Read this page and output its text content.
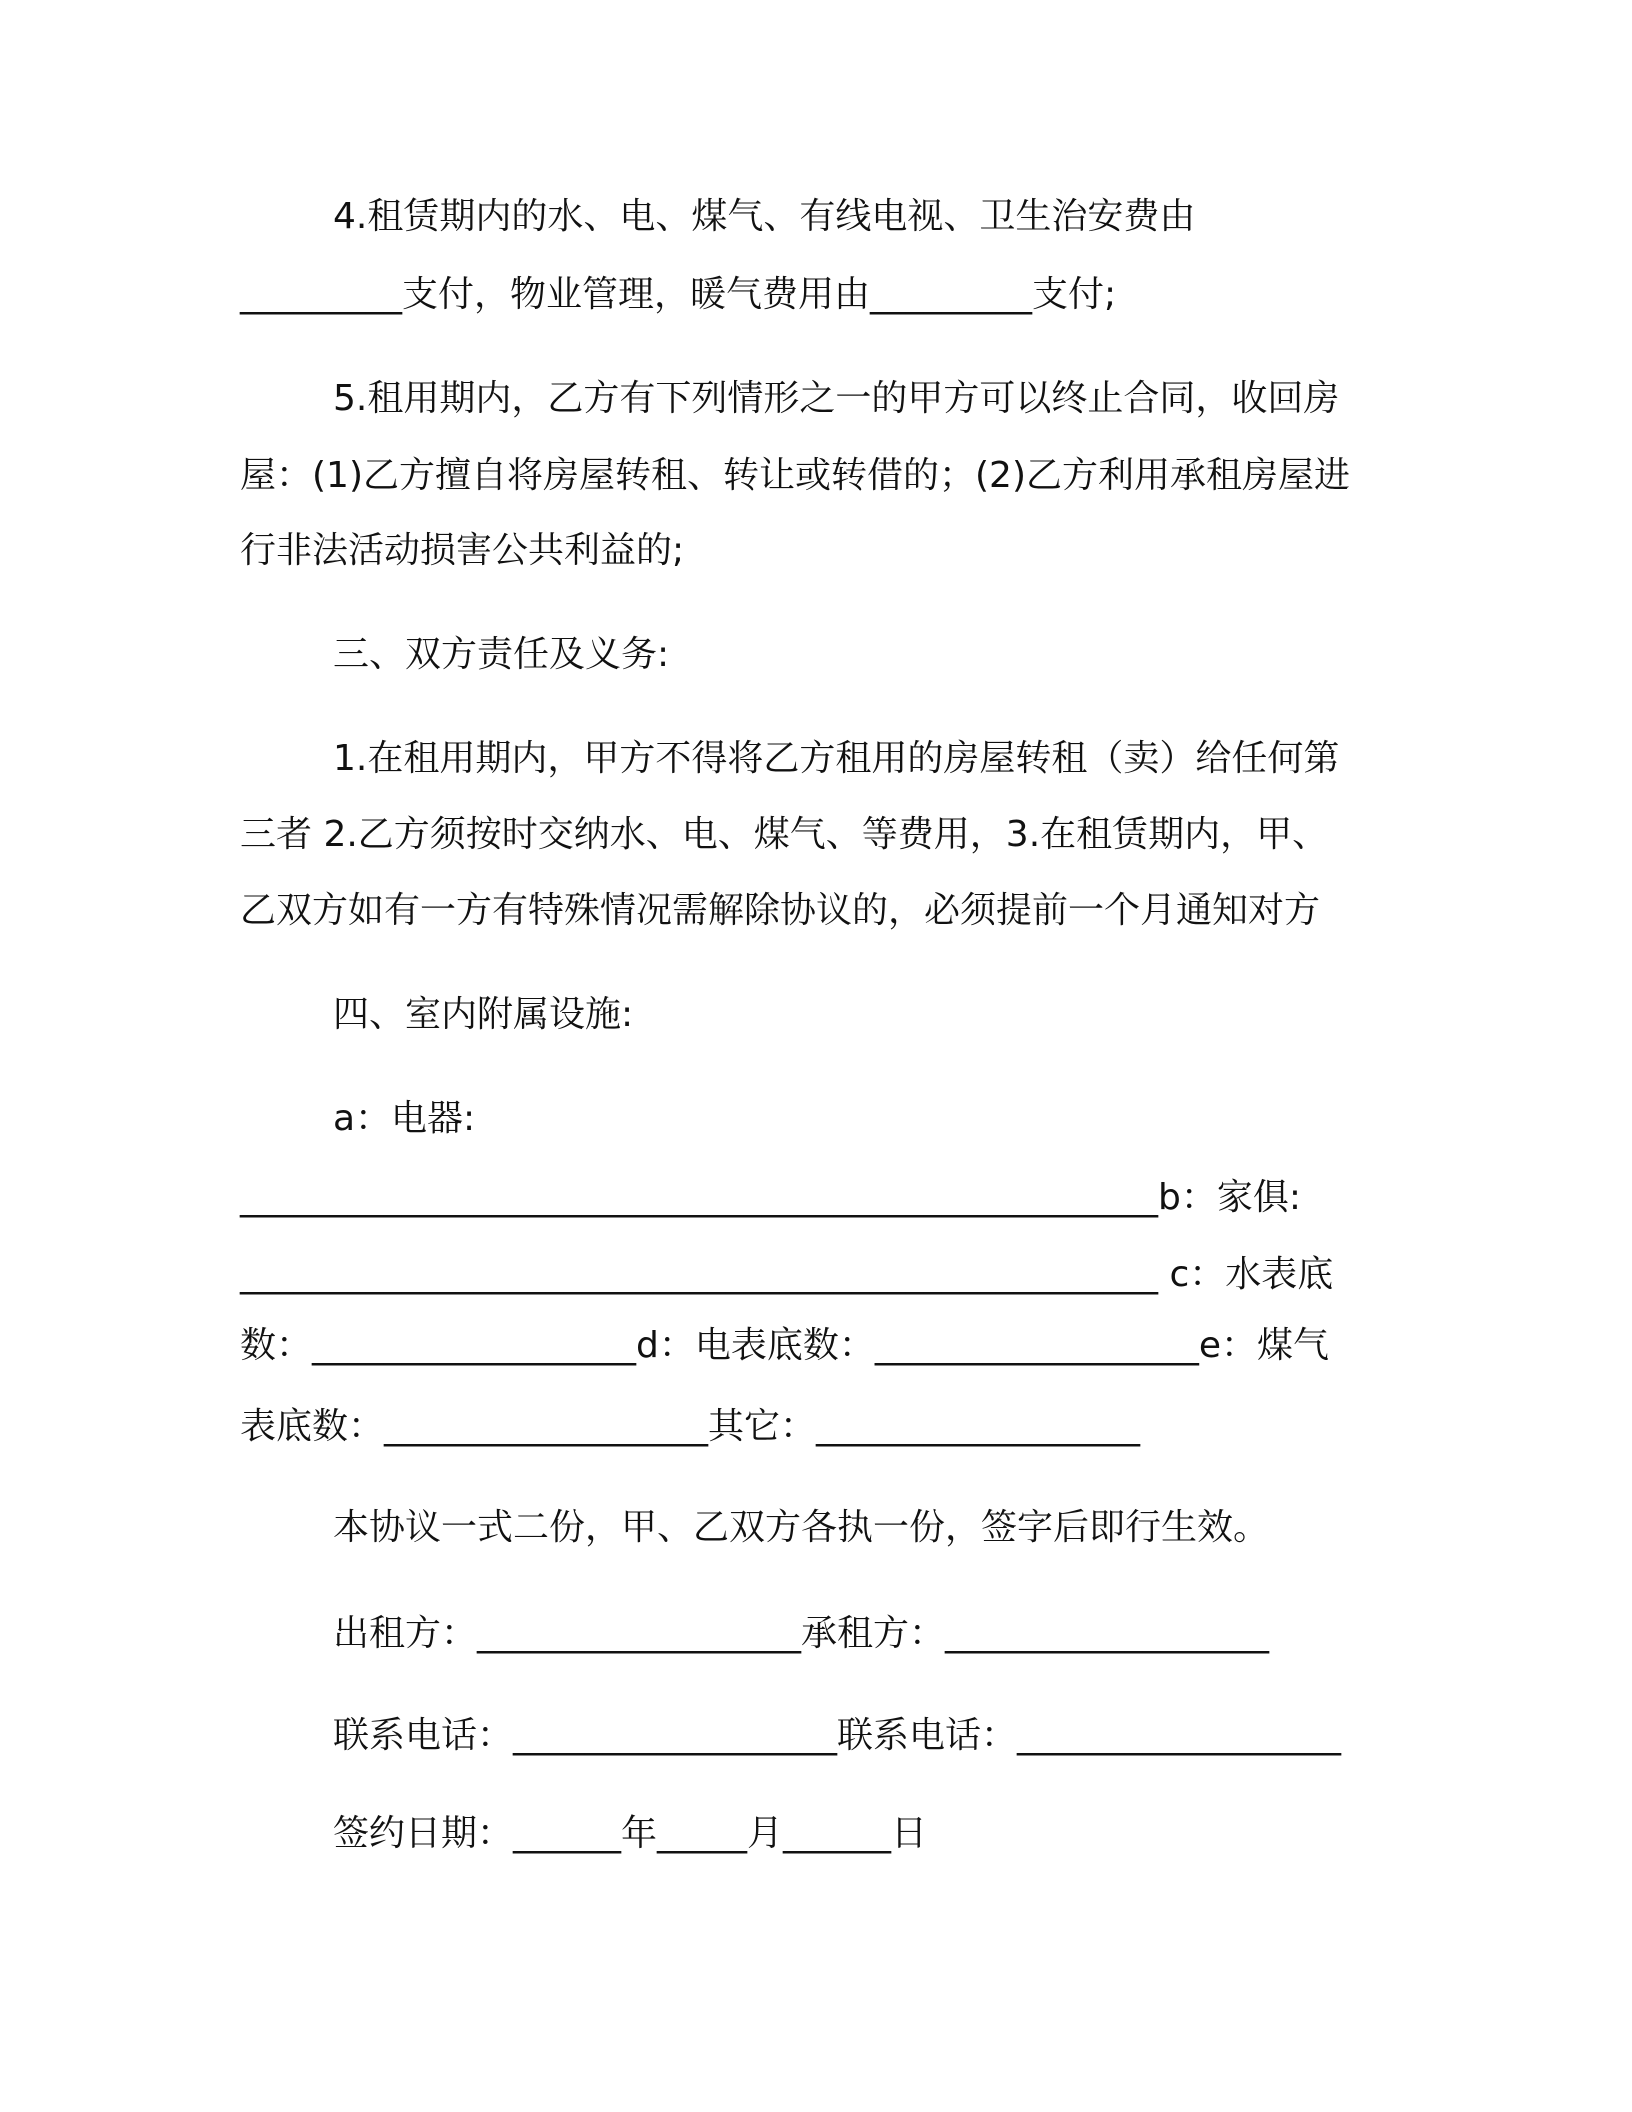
4.租赁期内的水、电、煤气、有线电视、卫生治安费由
_________支付，物业管理，暖气费用由_________支付;
5.租用期内，乙方有下列情形之一的甲方可以终止合同，收回房
屋：(1)乙方擅自将房屋转租、转让或转借的；(2)乙方利用承租房屋进
行非法活动损害公共利益的;
三、双方责任及义务:
1.在租用期内，甲方不得将乙方租用的房屋转租（卖）给任何第
三者 2.乙方须按时交纳水、电、煤气、等费用，3.在租赁期内，甲、
乙双方如有一方有特殊情况需解除协议的，必须提前一个月通知对方
四、室内附属设施:
a：电器:
___________________________________________________b：家俱:
___________________________________________________ c：水表底
数：__________________d：电表底数：__________________e：煤气
表底数：__________________其它：__________________
本协议一式二份，甲、乙双方各执一份，签字后即行生效。
出租方：__________________承租方：__________________
联系电话：__________________联系电话：__________________
签约日期：______年_____月______日
